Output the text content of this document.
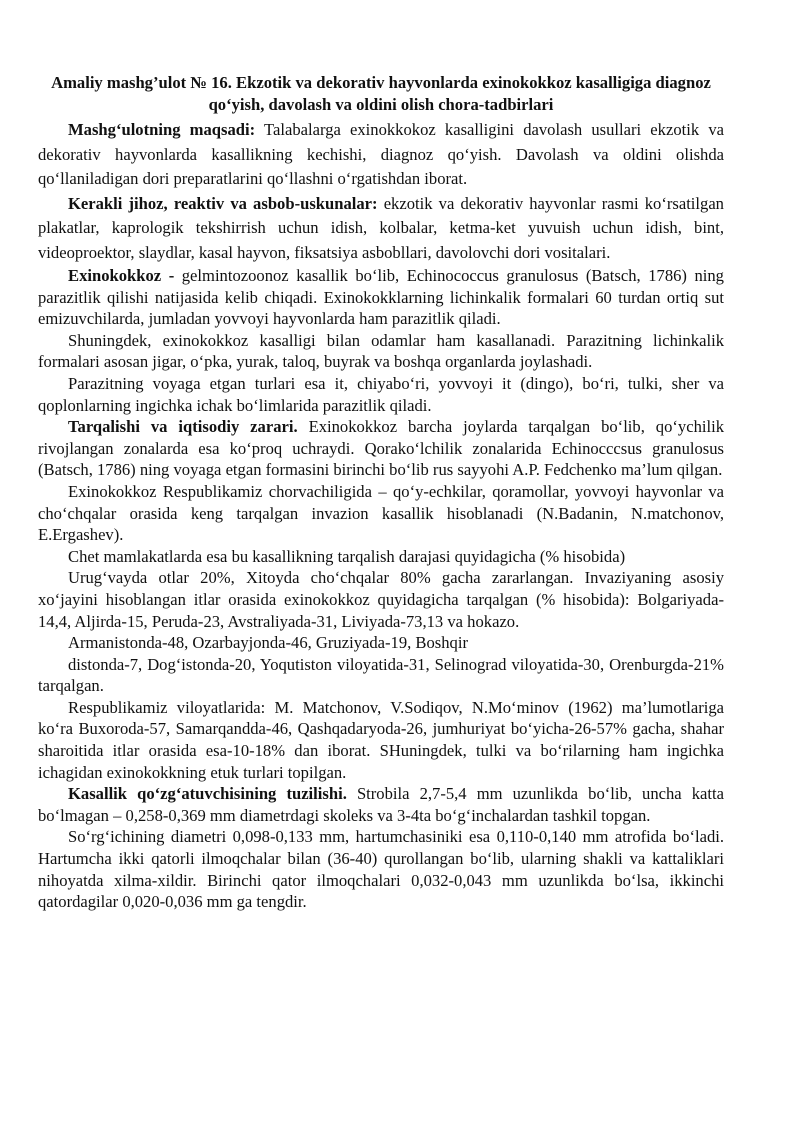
Amaliy mashg’ulot № 16. Ekzotik va dekorativ hayvonlarda exinokokkoz kasalligiga diagnoz qo‘yish, davolash va oldini olish chora-tadbirlari

Mashg‘ulotning maqsadi: Talabalarga exinokkokoz kasalligini davolash usullari ekzotik va dekorativ hayvonlarda kasallikning kechishi, diagnoz qo‘yish. Davolash va oldini olishda qo‘llaniladigan dori preparatlarini qo‘llashni o‘rgatishdan iborat.

Kerakli jihoz, reaktiv va asbob-uskunalar: ekzotik va dekorativ hayvonlar rasmi ko‘rsatilgan plakatlar, kaprologik tekshirrish uchun idish, kolbalar, ketma-ket yuvuish uchun idish, bint, videoproektor, slaydlar, kasal hayvon, fiksatsiya asbobllari, davolovchi dori vositalari.

Exinokokkoz - gelmintozoonoz kasallik bo‘lib, Echinococcus granulosus (Batsch, 1786) ning parazitlik qilishi natijasida kelib chiqadi. Exinokokklarning lichinkalik formalari 60 turdan ortiq sut emizuvchilarda, jumladan yovvoyi hayvonlarda ham parazitlik qiladi.

Shuningdek, exinokokkoz kasalligi bilan odamlar ham kasallanadi. Parazitning lichinkalik formalari asosan jigar, o‘pka, yurak, taloq, buyrak va boshqa organlarda joylashadi.

Parazitning voyaga etgan turlari esa it, chiyabo‘ri, yovvoyi it (dingo), bo‘ri, tulki, sher va qoplonlarning ingichka ichak bo‘limlarida parazitlik qiladi.

Tarqalishi va iqtisodiy zarari. Exinokokkoz barcha joylarda tarqalgan bo‘lib, qo‘ychilik rivojlangan zonalarda esa ko‘proq uchraydi. Qorako‘lchilik zonalarida Echinoccсsus granulosus (Batsch, 1786) ning voyaga etgan formasini birinchi bo‘lib rus sayyohi A.P. Fedchenko ma’lum qilgan.

Exinokokkoz Respublikamiz chorvachiligida – qo‘y-echkilar, qoramollar, yovvoyi hayvonlar va cho‘chqalar orasida keng tarqalgan invazion kasallik hisoblanadi (N.Badanin, N.matchonov, E.Ergashev).

Chet mamlakatlarda esa bu kasallikning tarqalish darajasi quyidagicha (% hisobida)

Urug‘vayda otlar 20%, Xitoyda cho‘chqalar 80% gacha zararlangan. Invaziyaning asosiy xo‘jayini hisoblangan itlar orasida exinokokkoz quyidagicha tarqalgan (% hisobida): Bolgariyada-14,4, Aljirda-15, Peruda-23, Avstraliyada-31, Liviyada-73,13 va hokazo.

Armanistonda-48, Ozarbayjonda-46, Gruziyada-19, Boshqir

distonda-7, Dog‘istonda-20, Yoqutiston viloyatida-31, Selinograd viloyatida-30, Orenburgda-21% tarqalgan.

Respublikamiz viloyatlarida: M. Matchonov, V.Sodiqov, N.Mo‘minov (1962) ma’lumotlariga ko‘ra Buxoroda-57, Samarqandda-46, Qashqadaryoda-26, jumhuriyat bo‘yicha-26-57% gacha, shahar sharoitida itlar orasida esa-10-18% dan iborat. SHuningdek, tulki va bo‘rilarning ham ingichka ichagidan exinokokkning etuk turlari topilgan.

Kasallik qo‘zg‘atuvchisining tuzilishi. Strobila 2,7-5,4 mm uzunlikda bo‘lib, uncha katta bo‘lmagan – 0,258-0,369 mm diametrdagi skoleks va 3-4ta bo‘g‘inchalardan tashkil topgan.

So‘rg‘ichining diametri 0,098-0,133 mm, hartumchasiniki esa 0,110-0,140 mm atrofida bo‘ladi. Hartumcha ikki qatorli ilmoqchalar bilan (36-40) qurollangan bo‘lib, ularning shakli va kattaliklari nihoyatda xilma-xildir. Birinchi qator ilmoqchalari 0,032-0,043 mm uzunlikda bo‘lsa, ikkinchi qatordagilar 0,020-0,036 mm ga tengdir.
